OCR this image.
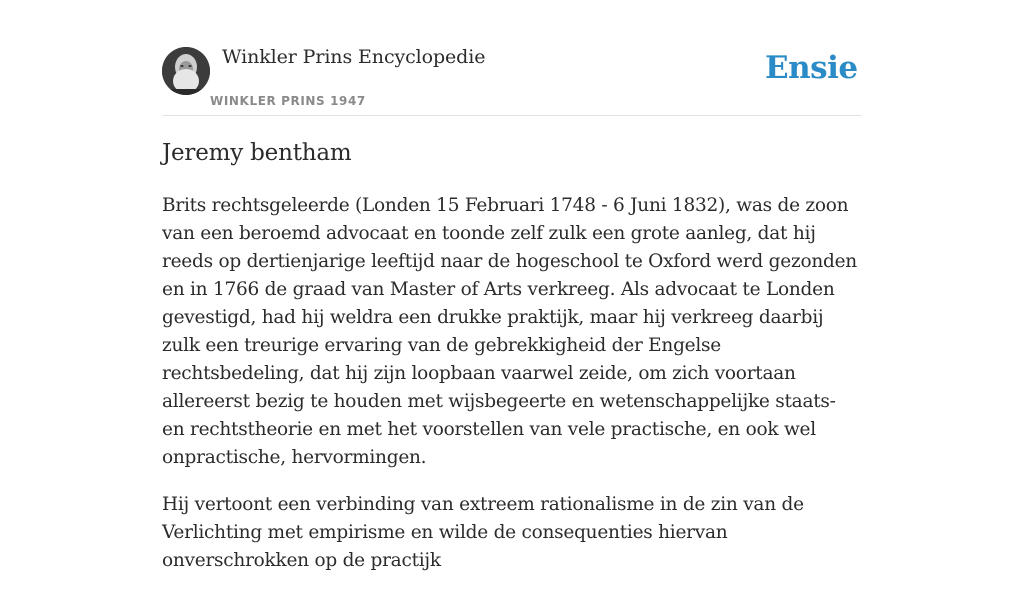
Winkler Prins Encyclopedie
WINKLER PRINS 1947
Ensie
Jeremy bentham

Brits rechtsgeleerde (Londen 15 Februari 1748 - 6 Juni 1832), was de zoon van een beroemd advocaat en toonde zelf zulk een grote aanleg, dat hij reeds op dertienjarige leeftijd naar de hogeschool te Oxford werd gezonden en in 1766 de graad van Master of Arts verkreeg. Als advocaat te Londen gevestigd, had hij weldra een drukke praktijk, maar hij verkreeg daarbij zulk een treurige ervaring van de gebrekkigheid der Engelse rechtsbedeling, dat hij zijn loopbaan vaarwel zeide, om zich voortaan allereerst bezig te houden met wijsbegeerte en wetenschappelijke staats- en rechtstheorie en met het voorstellen van vele practische, en ook wel onpractische, hervormingen.

Hij vertoont een verbinding van extreem rationalisme in de zin van de Verlichting met empirisme en wilde de consequenties hiervan onverschrokken op de practijk
